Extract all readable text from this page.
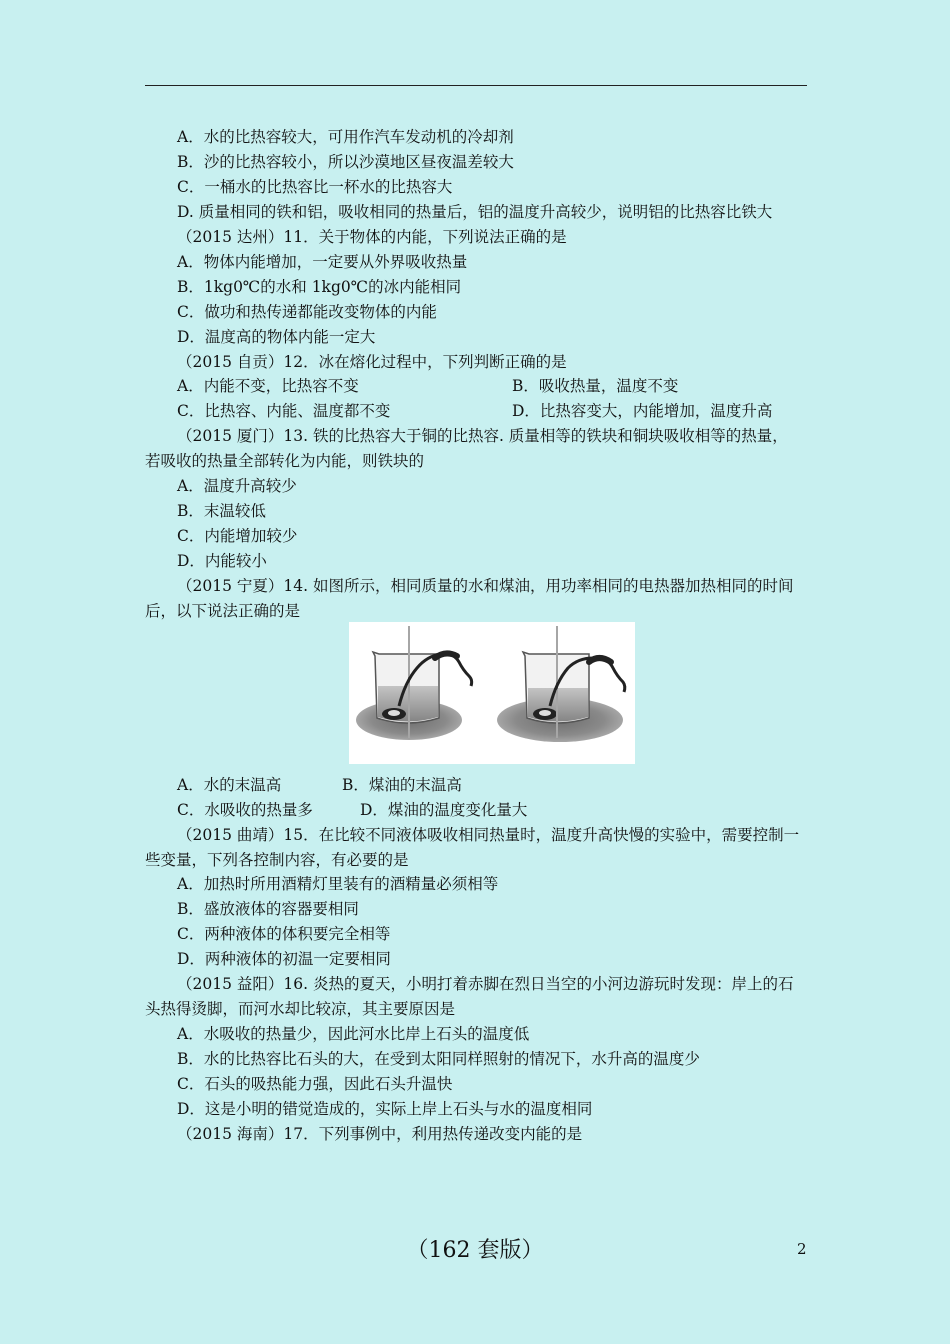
A．水的比热容较大，可用作汽车发动机的冷却剂
B．沙的比热容较小，所以沙漠地区昼夜温差较大
C．一桶水的比热容比一杯水的比热容大
D. 质量相同的铁和铝，吸收相同的热量后，铝的温度升高较少，说明铝的比热容比铁大
（2015 达州）11．关于物体的内能，下列说法正确的是
A．物体内能增加，一定要从外界吸收热量
B．1kg0℃的水和 1kg0℃的冰内能相同
C．做功和热传递都能改变物体的内能
D．温度高的物体内能一定大
（2015 自贡）12．冰在熔化过程中，下列判断正确的是
A．内能不变，比热容不变	B．吸收热量，温度不变
C．比热容、内能、温度都不变	D．比热容变大，内能增加，温度升高
（2015 厦门）13. 铁的比热容大于铜的比热容. 质量相等的铁块和铜块吸收相等的热量，
若吸收的热量全部转化为内能，则铁块的
A．温度升高较少
B．末温较低
C．内能增加较少
D．内能较小
（2015 宁夏）14. 如图所示，相同质量的水和煤油，用功率相同的电热器加热相同的时间
后，以下说法正确的是
A．水的末温高	B．煤油的末温高
C．水吸收的热量多	D．煤油的温度变化量大
（2015 曲靖）15．在比较不同液体吸收相同热量时，温度升高快慢的实验中，需要控制一
些变量，下列各控制内容，有必要的是
A．加热时所用酒精灯里装有的酒精量必须相等
B．盛放液体的容器要相同
C．两种液体的体积要完全相等
D．两种液体的初温一定要相同
（2015 益阳）16. 炎热的夏天，小明打着赤脚在烈日当空的小河边游玩时发现：岸上的石
头热得烫脚，而河水却比较凉，其主要原因是
A．水吸收的热量少，因此河水比岸上石头的温度低
B．水的比热容比石头的大，在受到太阳同样照射的情况下，水升高的温度少
C．石头的吸热能力强，因此石头升温快
D．这是小明的错觉造成的，实际上岸上石头与水的温度相同
（2015 海南）17．下列事例中，利用热传递改变内能的是
（162 套版）	2
